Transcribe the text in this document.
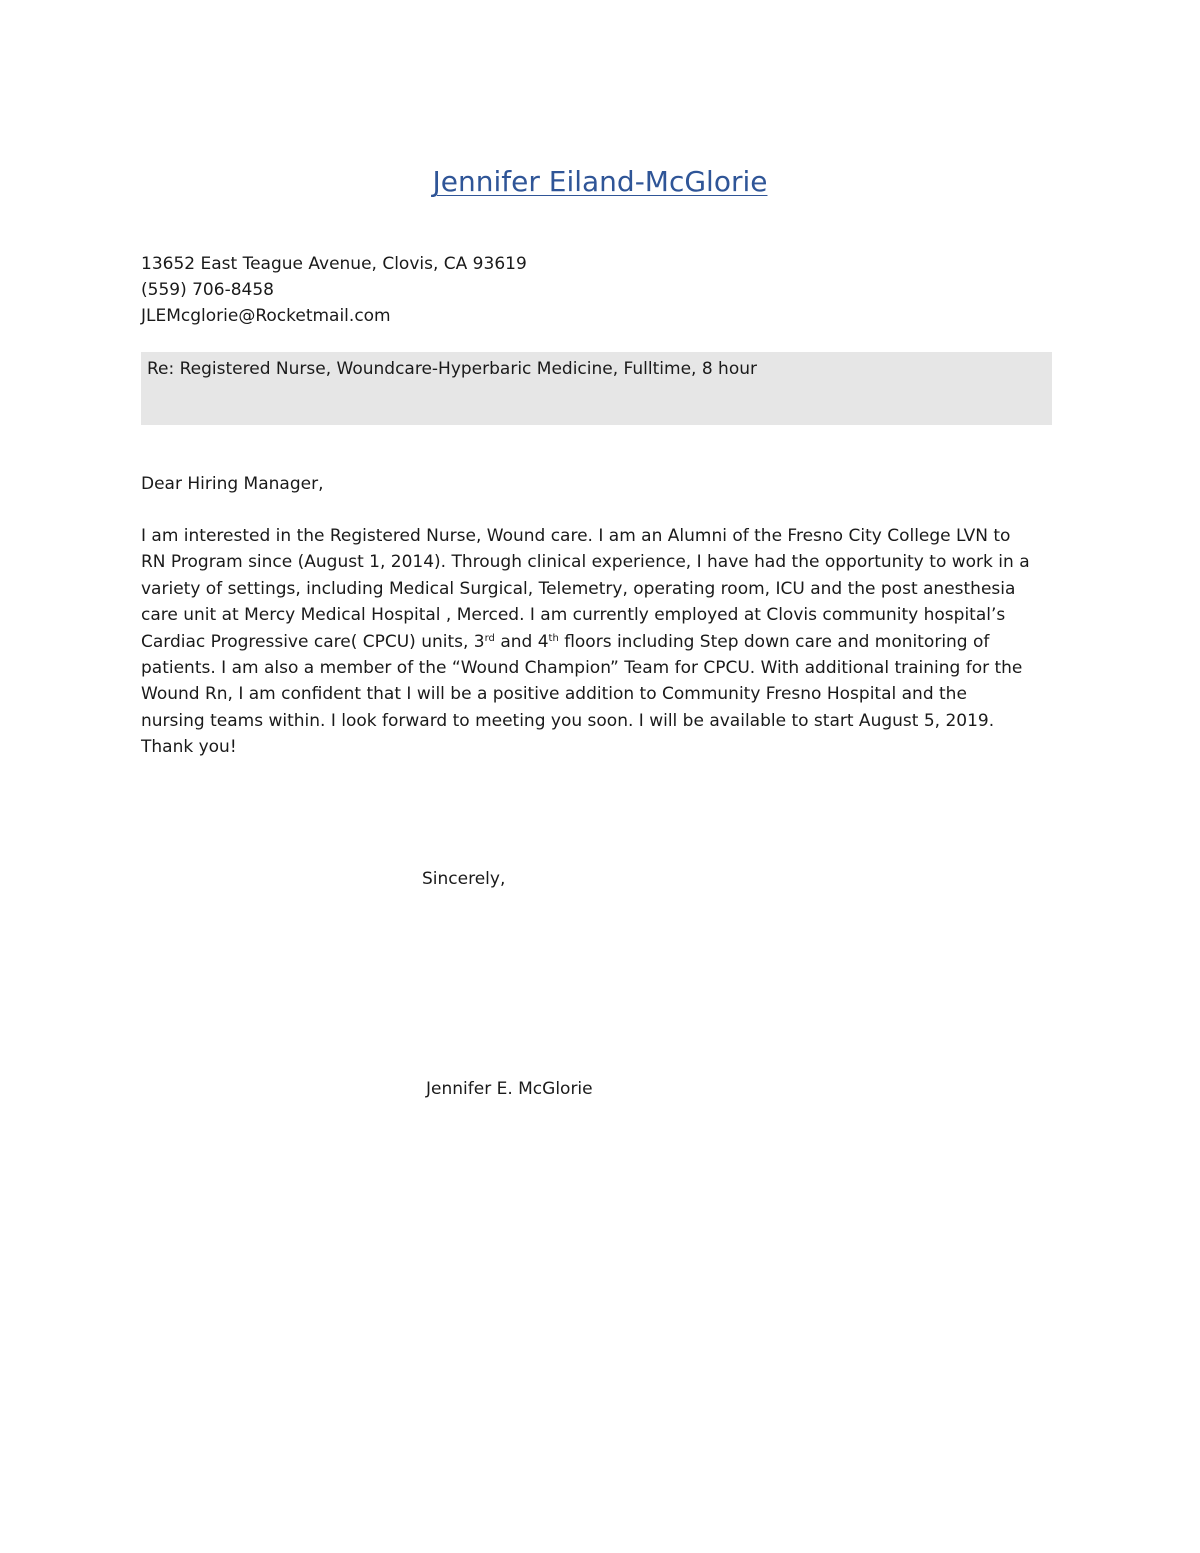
Jennifer Eiland-McGlorie
13652 East Teague Avenue, Clovis, CA 93619
(559) 706-8458
JLEMcglorie@Rocketmail.com
Re: Registered Nurse, Woundcare-Hyperbaric Medicine, Fulltime, 8 hour
Dear Hiring Manager,
I am interested in the Registered Nurse, Wound care. I am an Alumni of the Fresno City College LVN to
RN Program since (August 1, 2014). Through clinical experience, I have had the opportunity to work in a
variety of settings, including Medical Surgical, Telemetry, operating room, ICU and the post anesthesia
care unit at Mercy Medical Hospital , Merced. I am currently employed at Clovis community hospital’s
Cardiac Progressive care( CPCU) units, 3rd and 4th floors including Step down care and monitoring of
patients. I am also a member of the “Wound Champion” Team for CPCU. With additional training for the
Wound Rn, I am confident that I will be a positive addition to Community Fresno Hospital and the
nursing teams within. I look forward to meeting you soon. I will be available to start August 5, 2019.
Thank you!
Sincerely,
Jennifer E. McGlorie
